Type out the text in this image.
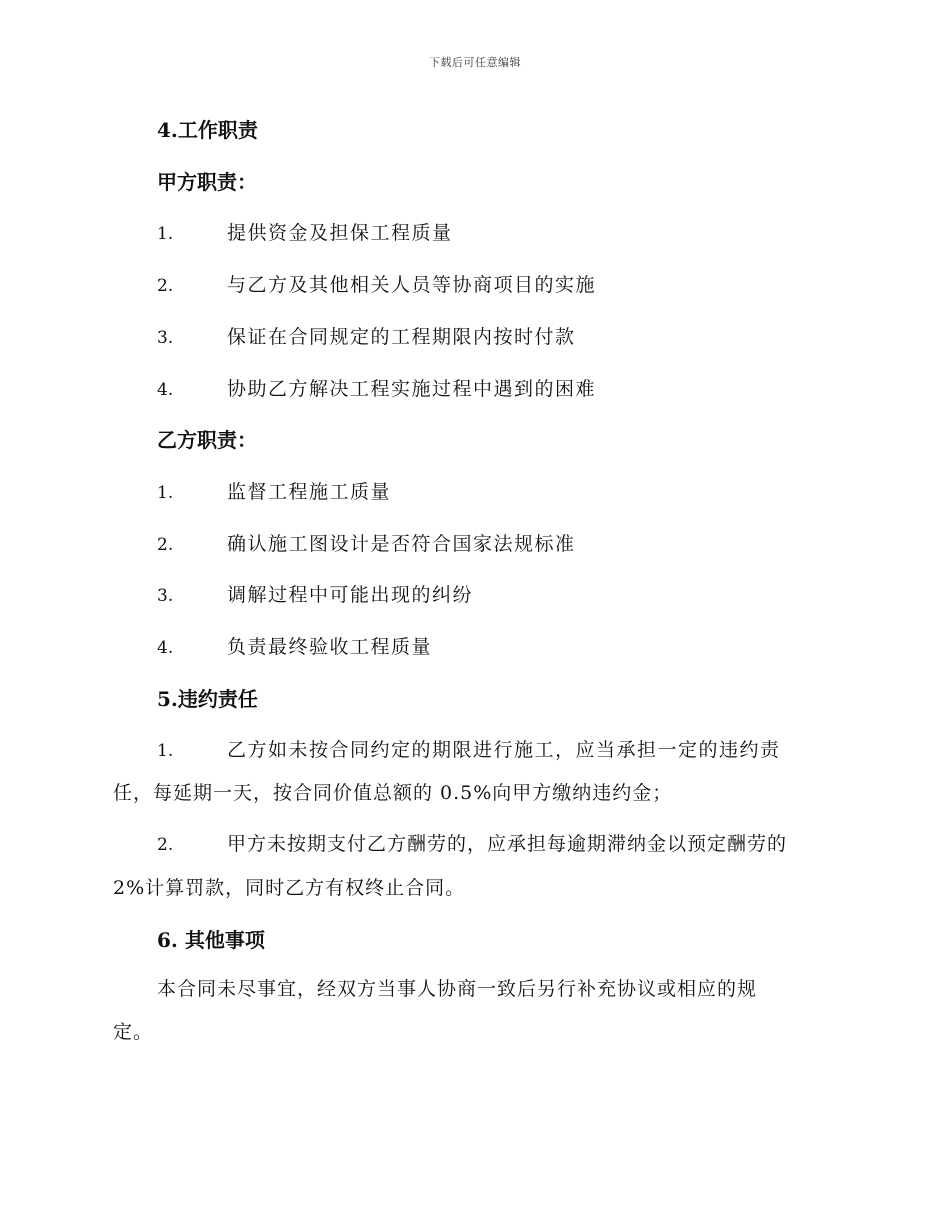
下载后可任意编辑
4.工作职责
甲方职责：
1.	提供资金及担保工程质量
2.	与乙方及其他相关人员等协商项目的实施
3.	保证在合同规定的工程期限内按时付款
4.	协助乙方解决工程实施过程中遇到的困难
乙方职责：
1.	监督工程施工质量
2.	确认施工图设计是否符合国家法规标准
3.	调解过程中可能出现的纠纷
4.	负责最终验收工程质量
5.违约责任
1.	乙方如未按合同约定的期限进行施工，应当承担一定的违约责
任，每延期一天，按合同价值总额的 0.5%向甲方缴纳违约金；
2.	甲方未按期支付乙方酬劳的，应承担每逾期滞纳金以预定酬劳的
2%计算罚款，同时乙方有权终止合同。
6. 其他事项
本合同未尽事宜，经双方当事人协商一致后另行补充协议或相应的规
定。
